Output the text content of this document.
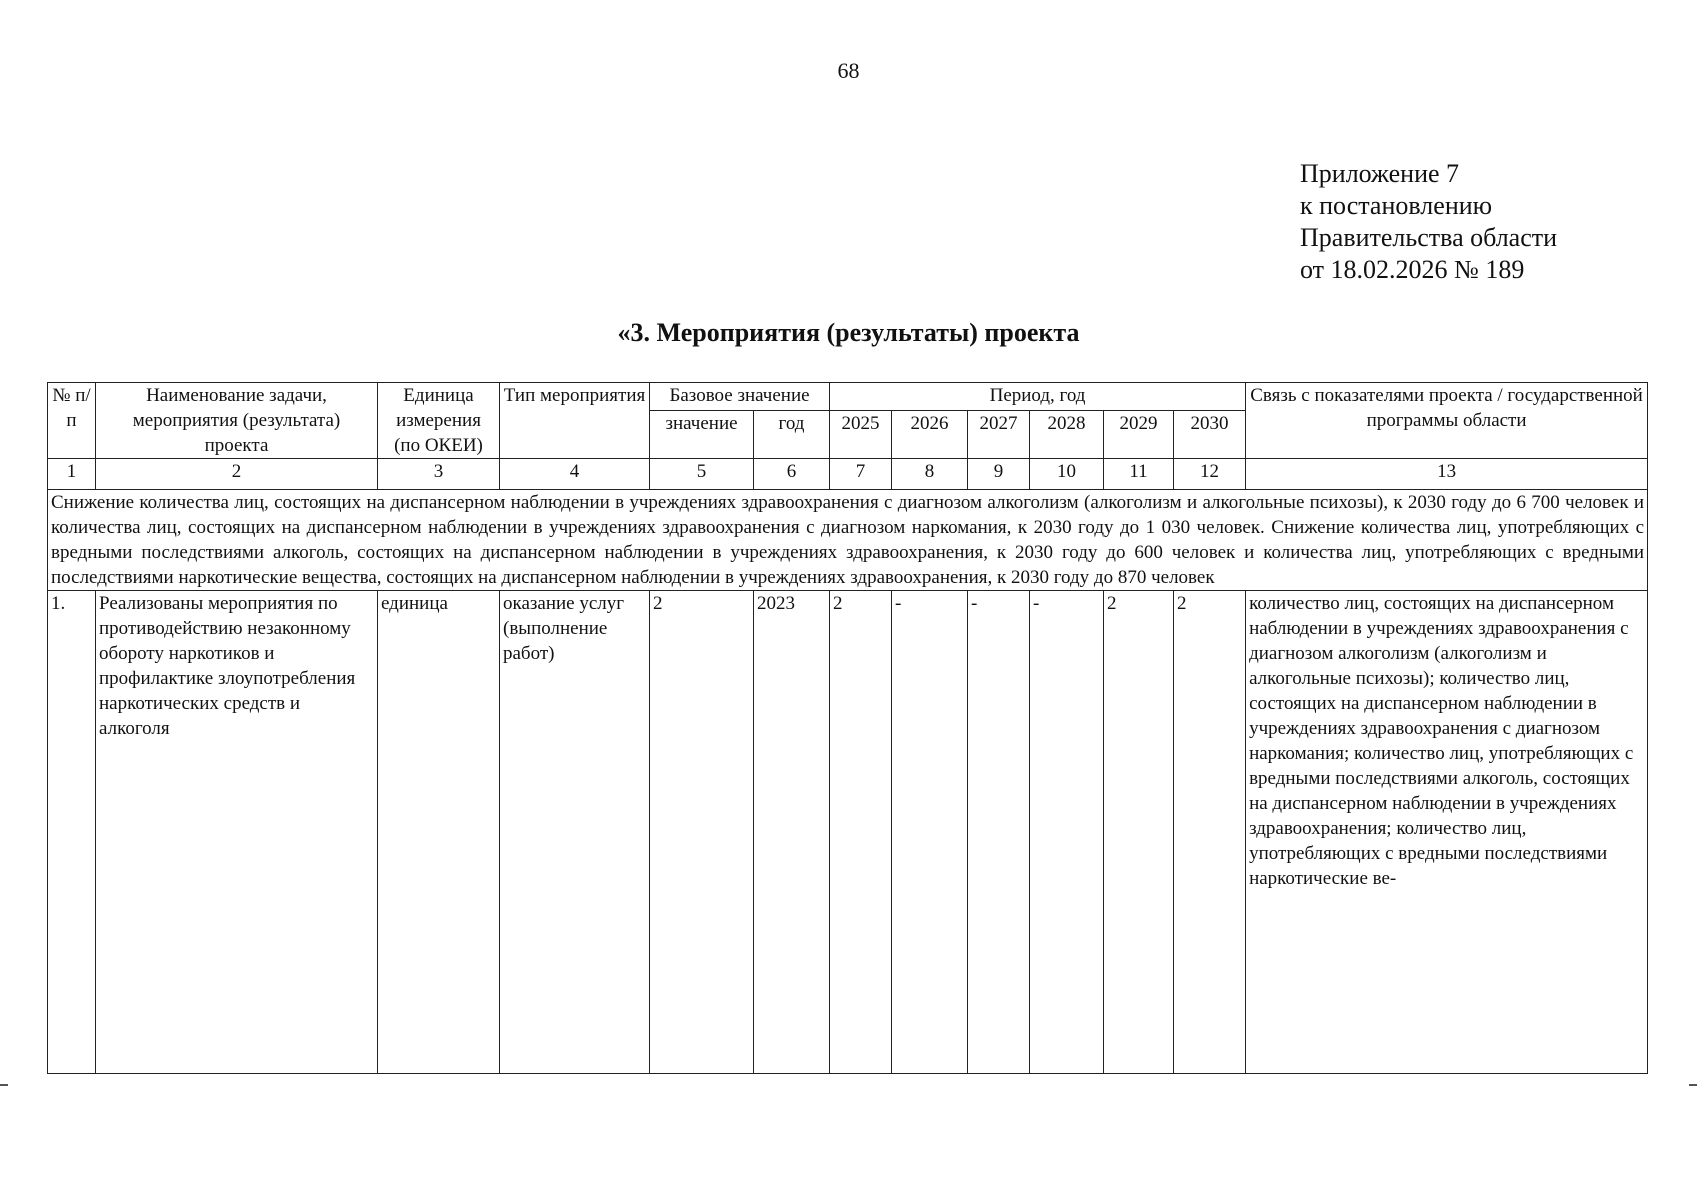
68
Приложение 7
к постановлению
Правительства области
от 18.02.2026 № 189
«3. Мероприятия (результаты) проекта
№ п/п	Наименование задачи, мероприятия (результата) проекта	Единица измерения (по ОКЕИ)	Тип мероприятия	Базовое значение		Период, год						Связь с показателями проекта / государственной программы области
				значение	год	2025	2026	2027	2028	2029	2030	
1	2	3	4	5	6	7	8	9	10	11	12	13
Снижение количества лиц, состоящих на диспансерном наблюдении в учреждениях здравоохранения с диагнозом алкоголизм (алкоголизм и алкогольные психозы), к 2030 году до 6 700 человек и количества лиц, состоящих на диспансерном наблюдении в учреждениях здравоохранения с диагнозом наркомания, к 2030 году до 1 030 человек. Снижение количества лиц, употребляющих с вредными последствиями алкоголь, состоящих на диспансерном наблюдении в учреждениях здравоохранения, к 2030 году до 600 человек и количества лиц, употребляющих с вредными последствиями наркотические вещества, состоящих на диспансерном наблюдении в учреждениях здравоохранения, к 2030 году до 870 человек												
1.	Реализованы мероприятия по противодействию незаконному обороту наркотиков и профилактике злоупотребления наркотических средств и алкоголя	единица	оказание услуг (выполнение работ)	2	2023	2	-	-	-	2	2	количество лиц, состоящих на диспансерном наблюдении в учреждениях здравоохранения с диагнозом алкоголизм (алкоголизм и алкогольные психозы); количество лиц, состоящих на диспансерном наблюдении в учреждениях здравоохранения с диагнозом наркомания; количество лиц, употребляющих с вредными последствиями алкоголь, состоящих на диспансерном наблюдении в учреждениях здравоохранения; количество лиц, употребляющих с вредными последствиями наркотические ве-
